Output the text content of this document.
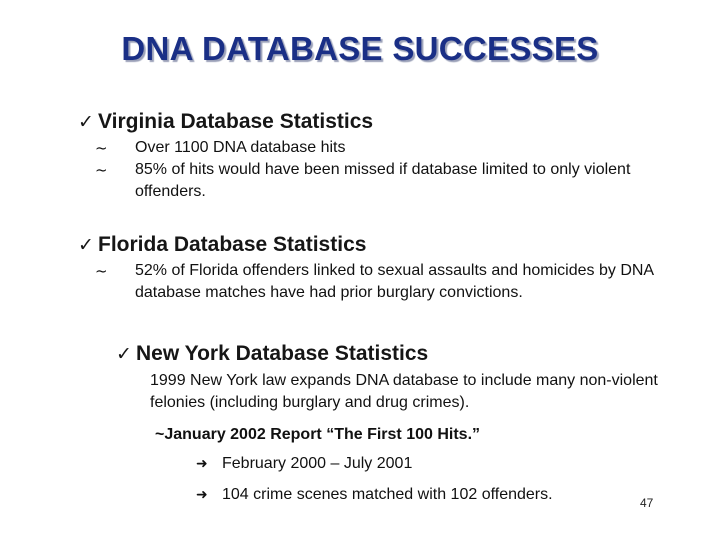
DNA DATABASE SUCCESSES
✓ Virginia Database Statistics
~	Over 1100 DNA database hits
~	85% of hits would have been missed if database limited to only violent offenders.
✓ Florida Database Statistics
~	52% of Florida offenders linked to sexual assaults and homicides by DNA database matches have had prior burglary convictions.
✓ New York Database Statistics
1999 New York law expands DNA database to include many non-violent felonies (including burglary and drug crimes).
~January 2002 Report “The First 100 Hits.”
➜ February 2000 – July 2001
➜ 104 crime scenes matched with 102 offenders.	47
